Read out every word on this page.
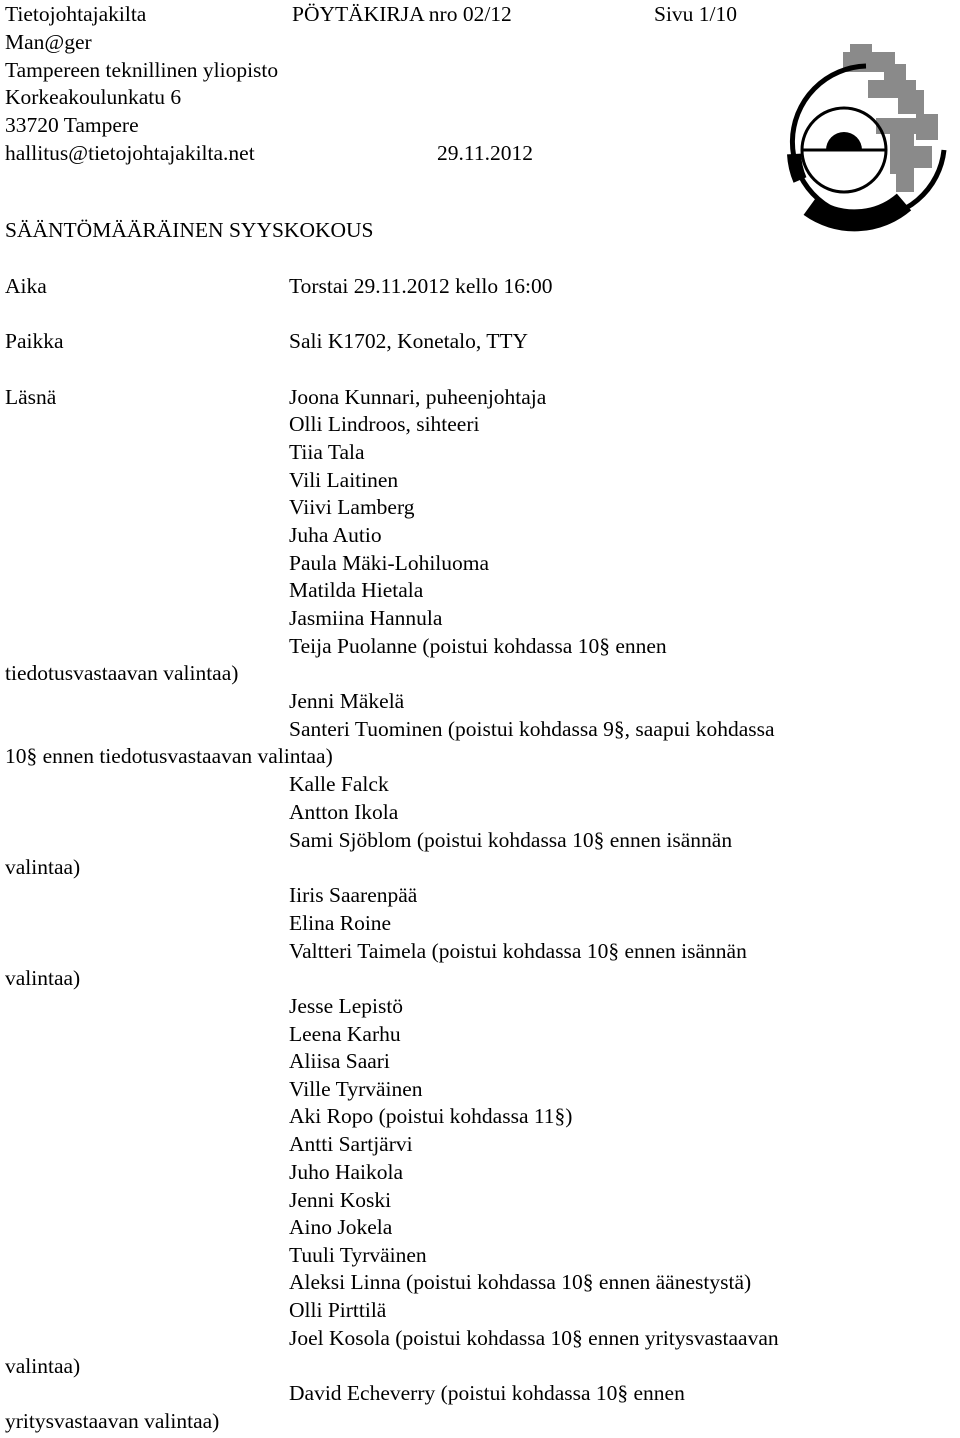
Tietojohtajakilta	PÖYTÄKIRJA nro 02/12	Sivu 1/10
Man@ger
Tampereen teknillinen yliopisto
Korkeakoulunkatu 6
33720 Tampere
hallitus@tietojohtajakilta.net	29.11.2012
SÄÄNTÖMÄÄRÄINEN SYYSKOKOUS
Aika	Torstai 29.11.2012 kello 16:00
Paikka	Sali K1702, Konetalo, TTY
Läsnä	Joona Kunnari, puheenjohtaja
Olli Lindroos, sihteeri
Tiia Tala
Vili Laitinen
Viivi Lamberg
Juha Autio
Paula Mäki-Lohiluoma
Matilda Hietala
Jasmiina Hannula
Teija Puolanne (poistui kohdassa 10§ ennen
tiedotusvastaavan valintaa)
Jenni Mäkelä
Santeri Tuominen (poistui kohdassa 9§, saapui kohdassa
10§ ennen tiedotusvastaavan valintaa)
Kalle Falck
Antton Ikola
Sami Sjöblom (poistui kohdassa 10§ ennen isännän
valintaa)
Iiris Saarenpää
Elina Roine
Valtteri Taimela (poistui kohdassa 10§ ennen isännän
valintaa)
Jesse Lepistö
Leena Karhu
Aliisa Saari
Ville Tyrväinen
Aki Ropo (poistui kohdassa 11§)
Antti Sartjärvi
Juho Haikola
Jenni Koski
Aino Jokela
Tuuli Tyrväinen
Aleksi Linna (poistui kohdassa 10§ ennen äänestystä)
Olli Pirttilä
Joel Kosola (poistui kohdassa 10§ ennen yritysvastaavan
valintaa)
David Echeverry (poistui kohdassa 10§ ennen
yritysvastaavan valintaa)
